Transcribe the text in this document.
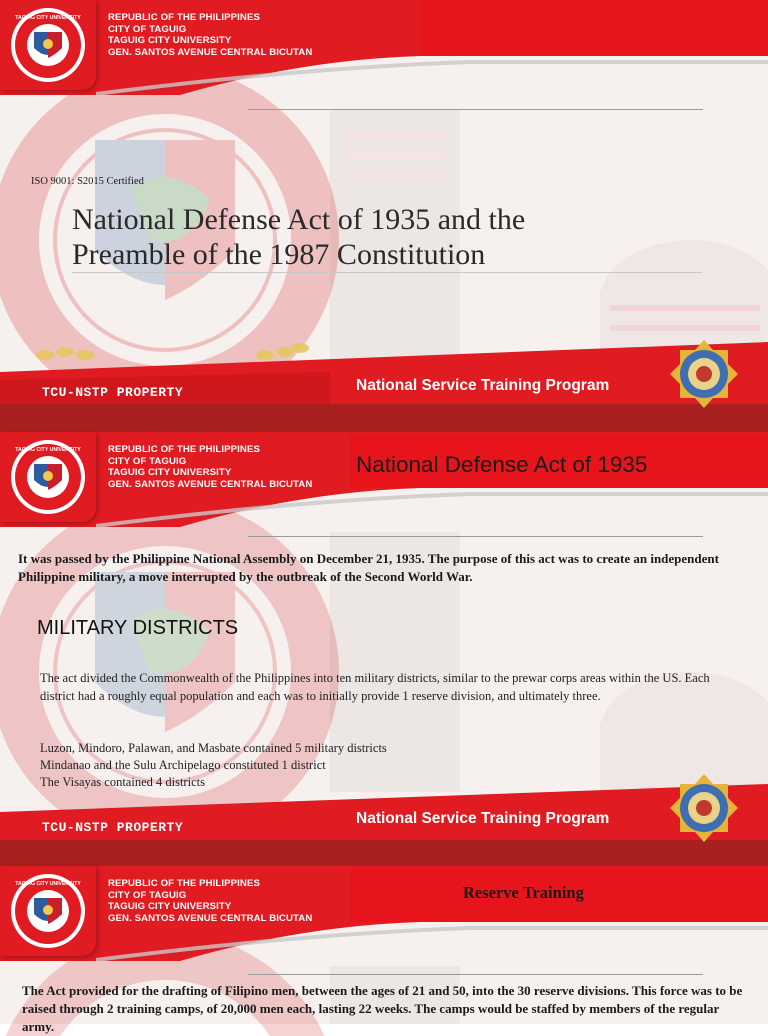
TAGUIG CITY UNIVERSITY	REPUBLIC OF THE PHILIPPINES
CITY OF TAGUIG
TAGUIG CITY UNIVERSITY
GEN. SANTOS AVENUE CENTRAL BICUTAN
ISO 9001: S2015 Certified
National Defense Act of 1935 and the Preamble of the 1987 Constitution
TCU-NSTP PROPERTY	National Service Training Program
TAGUIG CITY UNIVERSITY	REPUBLIC OF THE PHILIPPINES
CITY OF TAGUIG
TAGUIG CITY UNIVERSITY
GEN. SANTOS AVENUE CENTRAL BICUTAN
National Defense Act of 1935
It was passed by the Philippine National Assembly on December 21, 1935. The purpose of this act was to create an independent Philippine military, a move interrupted by the outbreak of the Second World War.
MILITARY DISTRICTS
The act divided the Commonwealth of the Philippines into ten military districts, similar to the prewar corps areas within the US. Each district had a roughly equal population and each was to initially provide 1 reserve division, and ultimately three.
Luzon, Mindoro, Palawan, and Masbate contained 5 military districts
Mindanao and the Sulu Archipelago constituted 1 district
The Visayas contained 4 districts
TCU-NSTP PROPERTY
National Service Training Program
TAGUIG CITY UNIVERSITY	REPUBLIC OF THE PHILIPPINES
CITY OF TAGUIG
TAGUIG CITY UNIVERSITY
GEN. SANTOS AVENUE CENTRAL BICUTAN
Reserve Training
The Act provided for the drafting of Filipino men, between the ages of 21 and 50, into the 30 reserve divisions. This force was to be raised through 2 training camps, of 20,000 men each, lasting 22 weeks. The camps would be staffed by members of the regular army.
